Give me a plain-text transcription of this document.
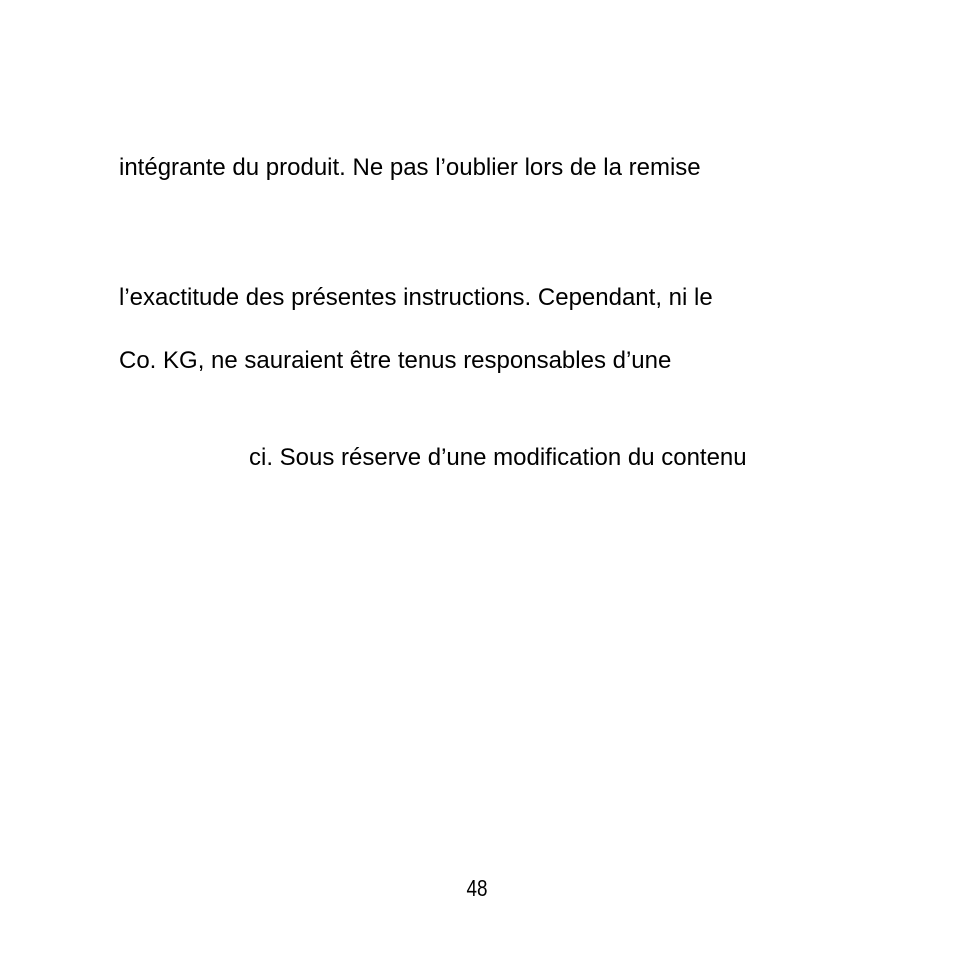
intégrante du produit. Ne pas l’oublier lors de la remise

l’exactitude des présentes instructions. Cependant, ni le

Co. KG, ne sauraient être tenus responsables d’une

ci. Sous réserve d’une modification du contenu

48
